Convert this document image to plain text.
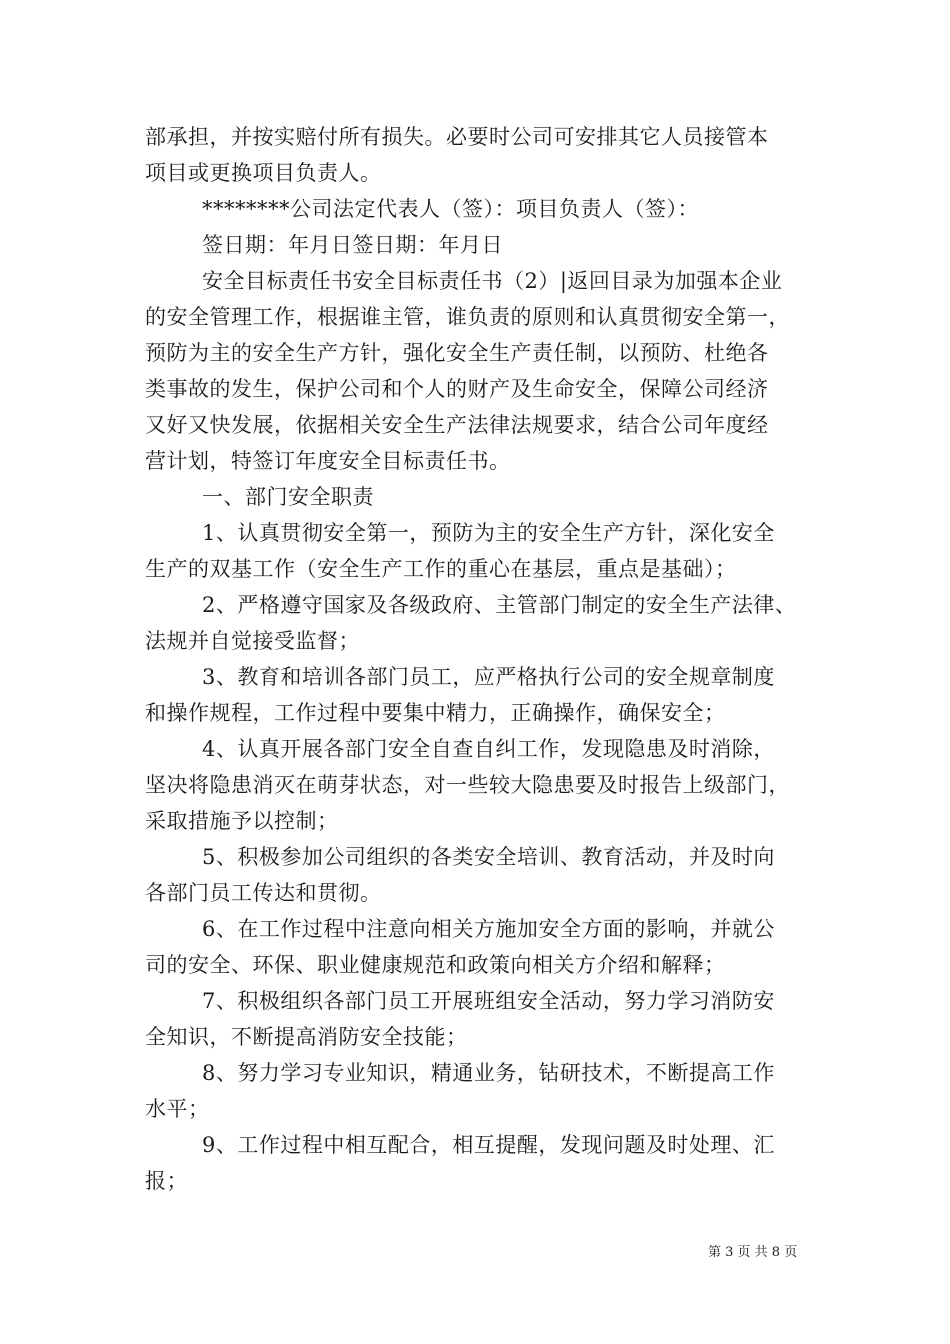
部承担，并按实赔付所有损失。必要时公司可安排其它人员接管本
项目或更换项目负责人。
********公司法定代表人（签）：项目负责人（签）：
签日期：年月日签日期：年月日
安全目标责任书安全目标责任书（2）|返回目录为加强本企业
的安全管理工作，根据谁主管，谁负责的原则和认真贯彻安全第一，
预防为主的安全生产方针，强化安全生产责任制，以预防、杜绝各
类事故的发生，保护公司和个人的财产及生命安全，保障公司经济
又好又快发展，依据相关安全生产法律法规要求，结合公司年度经
营计划，特签订年度安全目标责任书。
一、部门安全职责
1、认真贯彻安全第一，预防为主的安全生产方针，深化安全
生产的双基工作（安全生产工作的重心在基层，重点是基础）；
2、严格遵守国家及各级政府、主管部门制定的安全生产法律、
法规并自觉接受监督；
3、教育和培训各部门员工，应严格执行公司的安全规章制度
和操作规程，工作过程中要集中精力，正确操作，确保安全；
4、认真开展各部门安全自查自纠工作，发现隐患及时消除，
坚决将隐患消灭在萌芽状态，对一些较大隐患要及时报告上级部门，
采取措施予以控制；
5、积极参加公司组织的各类安全培训、教育活动，并及时向
各部门员工传达和贯彻。
6、在工作过程中注意向相关方施加安全方面的影响，并就公
司的安全、环保、职业健康规范和政策向相关方介绍和解释；
7、积极组织各部门员工开展班组安全活动，努力学习消防安
全知识，不断提高消防安全技能；
8、努力学习专业知识，精通业务，钻研技术，不断提高工作
水平；
9、工作过程中相互配合，相互提醒，发现问题及时处理、汇
报；
第 3 页 共 8 页
